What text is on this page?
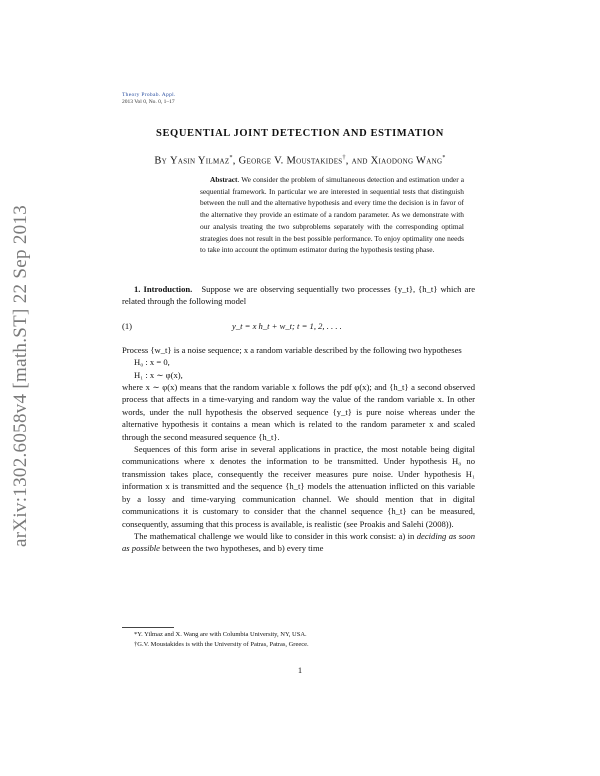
arXiv:1302.6058v4 [math.ST] 22 Sep 2013
Theory Probab. Appl.
2013 Vol 0, No. 0, 1–17
SEQUENTIAL JOINT DETECTION AND ESTIMATION
By Yasin Yilmaz*, George V. Moustakides†, and Xiaodong Wang*
Abstract. We consider the problem of simultaneous detection and estimation under a sequential framework. In particular we are interested in sequential tests that distinguish between the null and the alternative hypothesis and every time the decision is in favor of the alternative they provide an estimate of a random parameter. As we demonstrate with our analysis treating the two subproblems separately with the corresponding optimal strategies does not result in the best possible performance. To enjoy optimality one needs to take into account the optimum estimator during the hypothesis testing phase.

1. Introduction. Suppose we are observing sequentially two processes {y_t}, {h_t} which are related through the following model

(1)	y_t = x h_t + w_t; t = 1, 2, . . . .

Process {w_t} is a noise sequence; x a random variable described by the following two hypotheses

H₀ : x = 0,

H₁ : x ∼ φ(x),

where x ∼ φ(x) means that the random variable x follows the pdf φ(x); and {h_t} a second observed process that affects in a time-varying and random way the value of the random variable x. In other words, under the null hypothesis the observed sequence {y_t} is pure noise whereas under the alternative hypothesis it contains a mean which is related to the random parameter x and scaled through the second measured sequence {h_t}.

Sequences of this form arise in several applications in practice, the most notable being digital communications where x denotes the information to be transmitted. Under hypothesis H₀ no transmission takes place, consequently the receiver measures pure noise. Under hypothesis H₁ information x is transmitted and the sequence {h_t} models the attenuation inflicted on this variable by a lossy and time-varying communication channel. We should mention that in digital communications it is customary to consider that the channel sequence {h_t} can be measured, consequently, assuming that this process is available, is realistic (see Proakis and Salehi (2008)).

The mathematical challenge we would like to consider in this work consist: a) in deciding as soon as possible between the two hypotheses, and b) every time

*Y. Yilmaz and X. Wang are with Columbia University, NY, USA.
†G.V. Moustakides is with the University of Patras, Patras, Greece.
1
